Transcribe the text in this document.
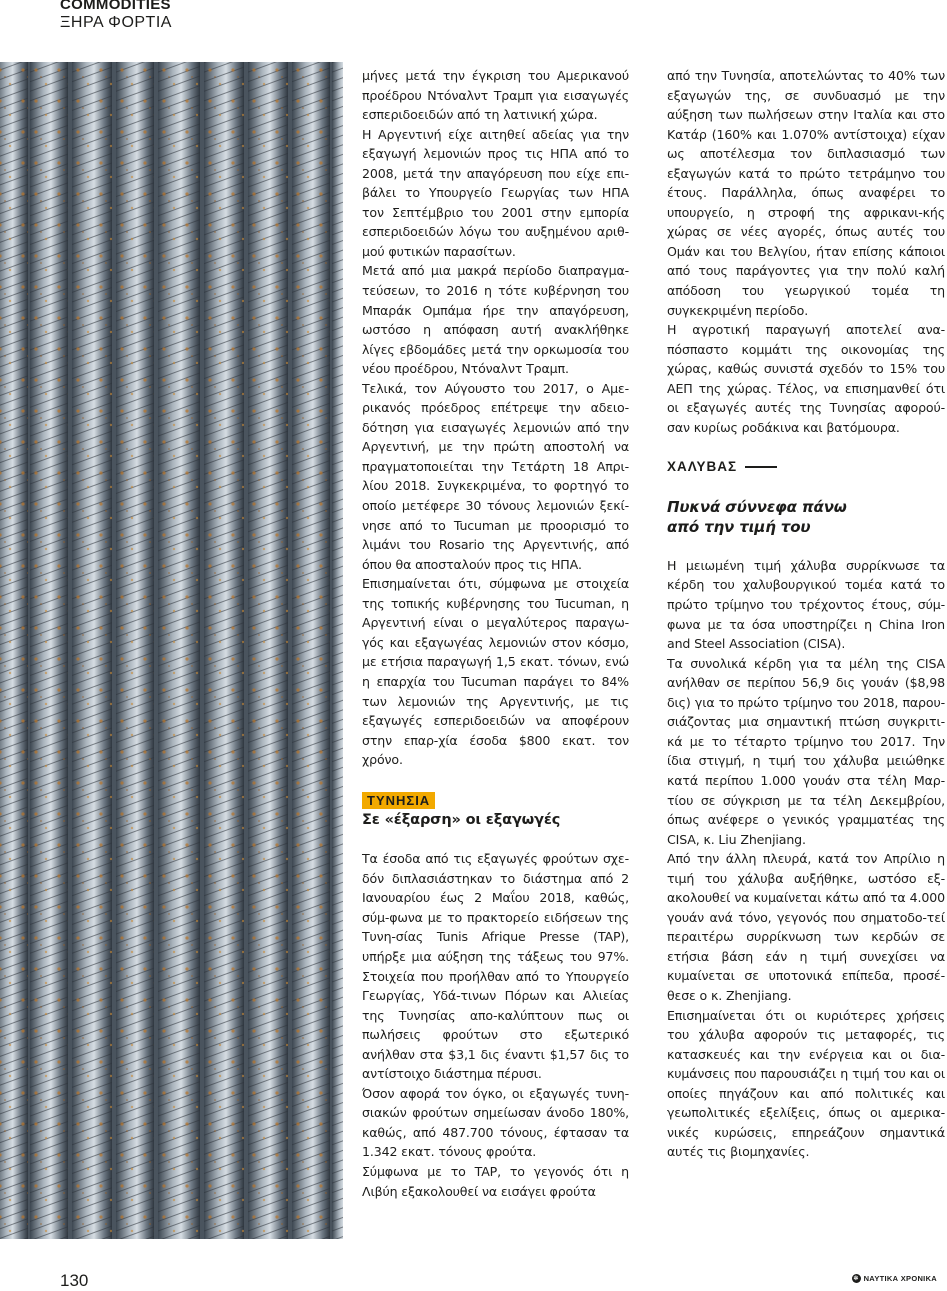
COMMODITIES
ΞΗΡΑ ΦΟΡΤΙΑ

μήνες μετά την έγκριση του Αμερικανού προέδρου Ντόναλντ Τραμπ για εισαγωγές εσπεριδοειδών από τη λατινική χώρα.

Η Αργεντινή είχε αιτηθεί αδείας για την εξαγωγή λεμονιών προς τις ΗΠΑ από το 2008, μετά την απαγόρευση που είχε επι-βάλει το Υπουργείο Γεωργίας των ΗΠΑ τον Σεπτέμβριο του 2001 στην εμπορία εσπεριδοειδών λόγω του αυξημένου αριθ-μού φυτικών παρασίτων.

Μετά από μια μακρά περίοδο διαπραγμα-τεύσεων, το 2016 η τότε κυβέρνηση του Μπαράκ Ομπάμα ήρε την απαγόρευση, ωστόσο η απόφαση αυτή ανακλήθηκε λίγες εβδομάδες μετά την ορκωμοσία του νέου προέδρου, Ντόναλντ Τραμπ.

Τελικά, τον Αύγουστο του 2017, ο Αμε-ρικανός πρόεδρος επέτρεψε την αδειο-δότηση για εισαγωγές λεμονιών από την Αργεντινή, με την πρώτη αποστολή να πραγματοποιείται την Τετάρτη 18 Απρι-λίου 2018. Συγκεκριμένα, το φορτηγό το οποίο μετέφερε 30 τόνους λεμονιών ξεκί-νησε από το Tucuman με προορισμό το λιμάνι του Rosario της Αργεντινής, από όπου θα αποσταλούν προς τις ΗΠΑ.

Επισημαίνεται ότι, σύμφωνα με στοιχεία της τοπικής κυβέρνησης του Tucuman, η Αργεντινή είναι ο μεγαλύτερος παραγω-γός και εξαγωγέας λεμονιών στον κόσμο, με ετήσια παραγωγή 1,5 εκατ. τόνων, ενώ η επαρχία του Tucuman παράγει το 84% των λεμονιών της Αργεντινής, με τις εξαγωγές εσπεριδοειδών να αποφέρουν στην επαρ-χία έσοδα $800 εκατ. τον χρόνο.

ΤΥΝΗΣΙΑ
Σε «έξαρση» οι εξαγωγές

Τα έσοδα από τις εξαγωγές φρούτων σχε-δόν διπλασιάστηκαν το διάστημα από 2 Ιανουαρίου έως 2 Μαΐου 2018, καθώς, σύμ-φωνα με το πρακτορείο ειδήσεων της Τυνη-σίας Tunis Afrique Presse (TAP), υπήρξε μια αύξηση της τάξεως του 97%. Στοιχεία που προήλθαν από το Υπουργείο Γεωργίας, Υδά-τινων Πόρων και Αλιείας της Τυνησίας απο-καλύπτουν πως οι πωλήσεις φρούτων στο εξωτερικό ανήλθαν στα $3,1 δις έναντι $1,57 δις το αντίστοιχο διάστημα πέρυσι.

Όσον αφορά τον όγκο, οι εξαγωγές τυνη-σιακών φρούτων σημείωσαν άνοδο 180%, καθώς, από 487.700 τόνους, έφτασαν τα 1.342 εκατ. τόνους φρούτα.

Σύμφωνα με το TAP, το γεγονός ότι η Λιβύη εξακολουθεί να εισάγει φρούτα

από την Τυνησία, αποτελώντας το 40% των εξαγωγών της, σε συνδυασμό με την αύξηση των πωλήσεων στην Ιταλία και στο Κατάρ (160% και 1.070% αντίστοιχα) είχαν ως αποτέλεσμα τον διπλασιασμό των εξαγωγών κατά το πρώτο τετράμηνο του έτους. Παράλληλα, όπως αναφέρει το υπουργείο, η στροφή της αφρικανι-κής χώρας σε νέες αγορές, όπως αυτές του Ομάν και του Βελγίου, ήταν επίσης κάποιοι από τους παράγοντες για την πολύ καλή απόδοση του γεωργικού τομέα τη συγκεκριμένη περίοδο.

Η αγροτική παραγωγή αποτελεί ανα-πόσπαστο κομμάτι της οικονομίας της χώρας, καθώς συνιστά σχεδόν το 15% του ΑΕΠ της χώρας. Τέλος, να επισημανθεί ότι οι εξαγωγές αυτές της Τυνησίας αφορού-σαν κυρίως ροδάκινα και βατόμουρα.

ΧΑΛΥΒΑΣ
Πυκνά σύννεφα πάνω
από την τιμή του

Η μειωμένη τιμή χάλυβα συρρίκνωσε τα κέρδη του χαλυβουργικού τομέα κατά το πρώτο τρίμηνο του τρέχοντος έτους, σύμ-φωνα με τα όσα υποστηρίζει η China Iron and Steel Association (CISA).

Τα συνολικά κέρδη για τα μέλη της CISA ανήλθαν σε περίπου 56,9 δις γουάν ($8,98 δις) για το πρώτο τρίμηνο του 2018, παρου-σιάζοντας μια σημαντική πτώση συγκριτι-κά με το τέταρτο τρίμηνο του 2017. Την ίδια στιγμή, η τιμή του χάλυβα μειώθηκε κατά περίπου 1.000 γουάν στα τέλη Μαρ-τίου σε σύγκριση με τα τέλη Δεκεμβρίου, όπως ανέφερε ο γενικός γραμματέας της CISA, κ. Liu Zhenjiang.

Από την άλλη πλευρά, κατά τον Απρίλιο η τιμή του χάλυβα αυξήθηκε, ωστόσο εξ-ακολουθεί να κυμαίνεται κάτω από τα 4.000 γουάν ανά τόνο, γεγονός που σηματοδο-τεί περαιτέρω συρρίκνωση των κερδών σε ετήσια βάση εάν η τιμή συνεχίσει να κυμαίνεται σε υποτονικά επίπεδα, προσέ-θεσε ο κ. Zhenjiang.

Επισημαίνεται ότι οι κυριότερες χρήσεις του χάλυβα αφορούν τις μεταφορές, τις κατασκευές και την ενέργεια και οι δια-κυμάνσεις που παρουσιάζει η τιμή του και οι οποίες πηγάζουν και από πολιτικές και γεωπολιτικές εξελίξεις, όπως οι αμερικα-νικές κυρώσεις, επηρεάζουν σημαντικά αυτές τις βιομηχανίες.

130	✲ ΝΑΥΤΙΚΑ ΧΡΟΝΙΚΑ
